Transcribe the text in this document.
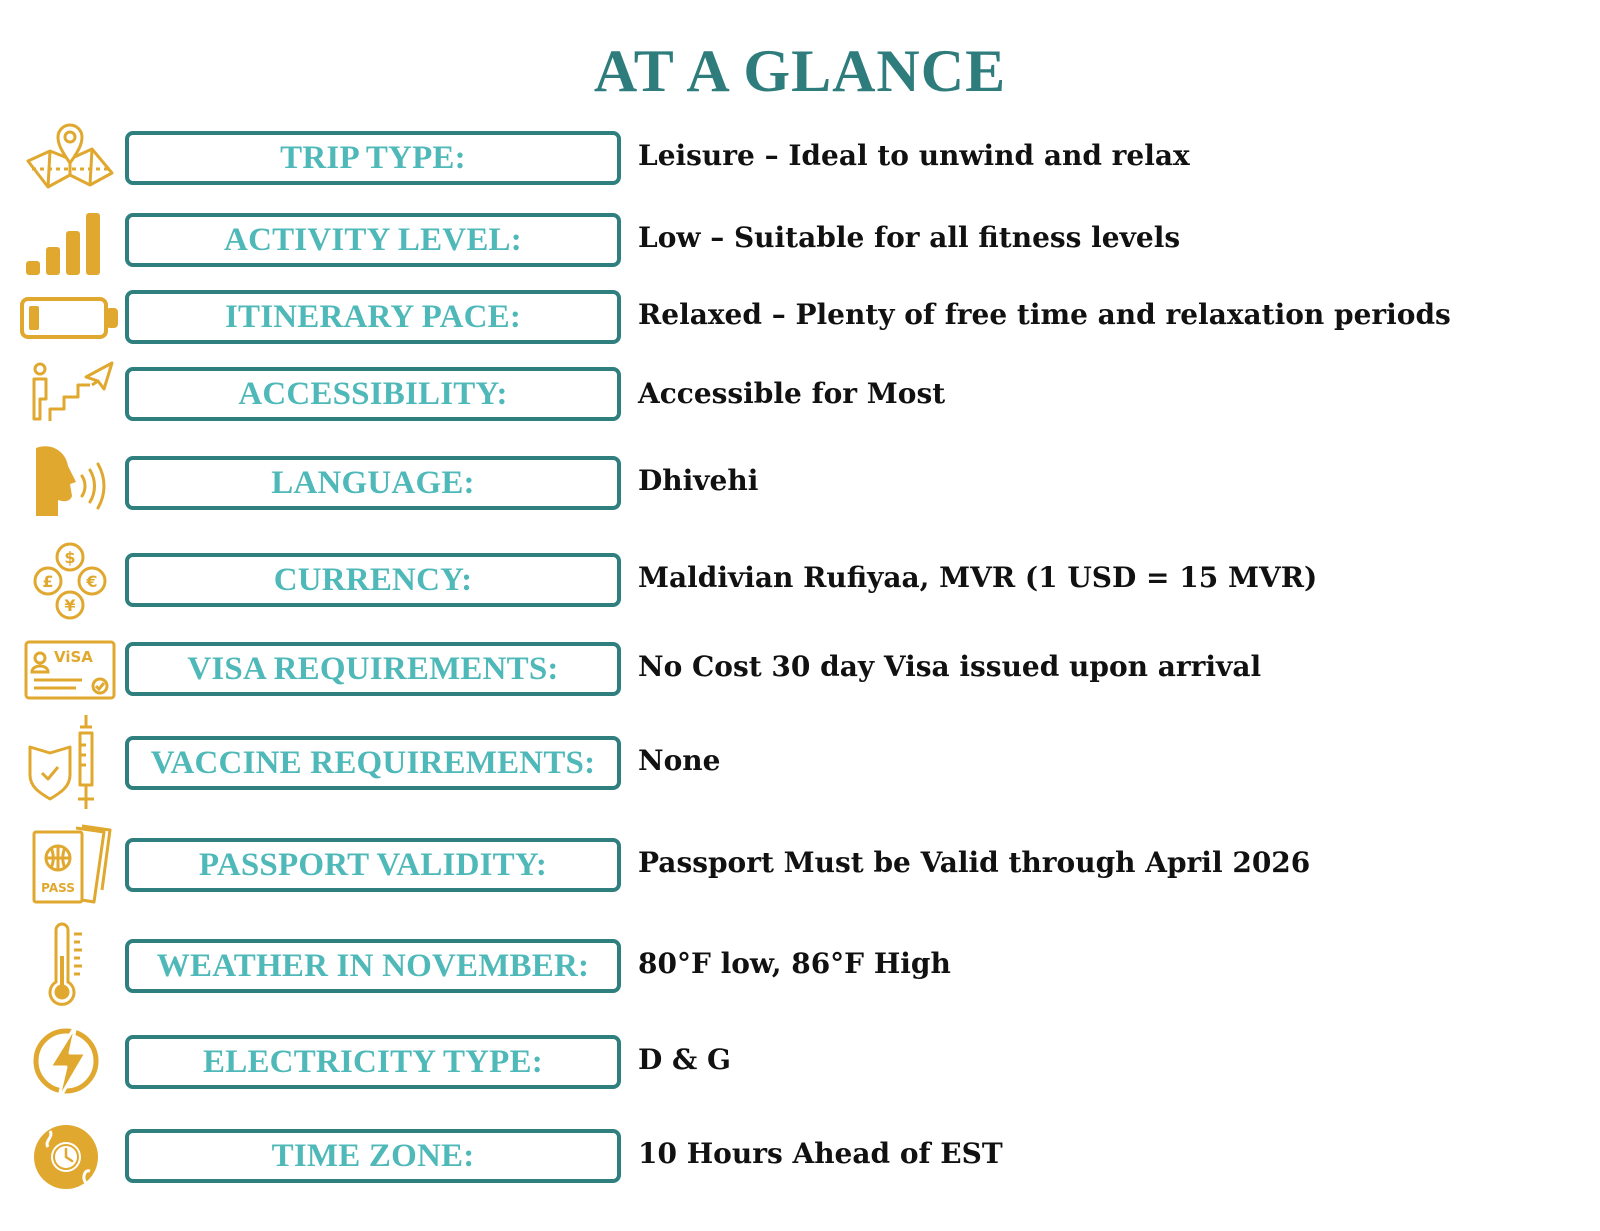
AT A GLANCE
TRIP TYPE:	Leisure – Ideal to unwind and relax
ACTIVITY LEVEL:	Low – Suitable for all fitness levels
ITINERARY PACE:	Relaxed – Plenty of free time and relaxation periods
ACCESSIBILITY:	Accessible for Most
LANGUAGE:	Dhivehi
$
£ €
¥
CURRENCY:	Maldivian Rufiyaa, MVR (1 USD = 15 MVR)
ViSA	VISA REQUIREMENTS:	No Cost 30 day Visa issued upon arrival
VACCINE REQUIREMENTS: None
PASS
PASSPORT VALIDITY:	Passport Must be Valid through April 2026
WEATHER IN NOVEMBER: 80°F low, 86°F High
ELECTRICITY TYPE:	D & G
TIME ZONE:	10 Hours Ahead of EST
